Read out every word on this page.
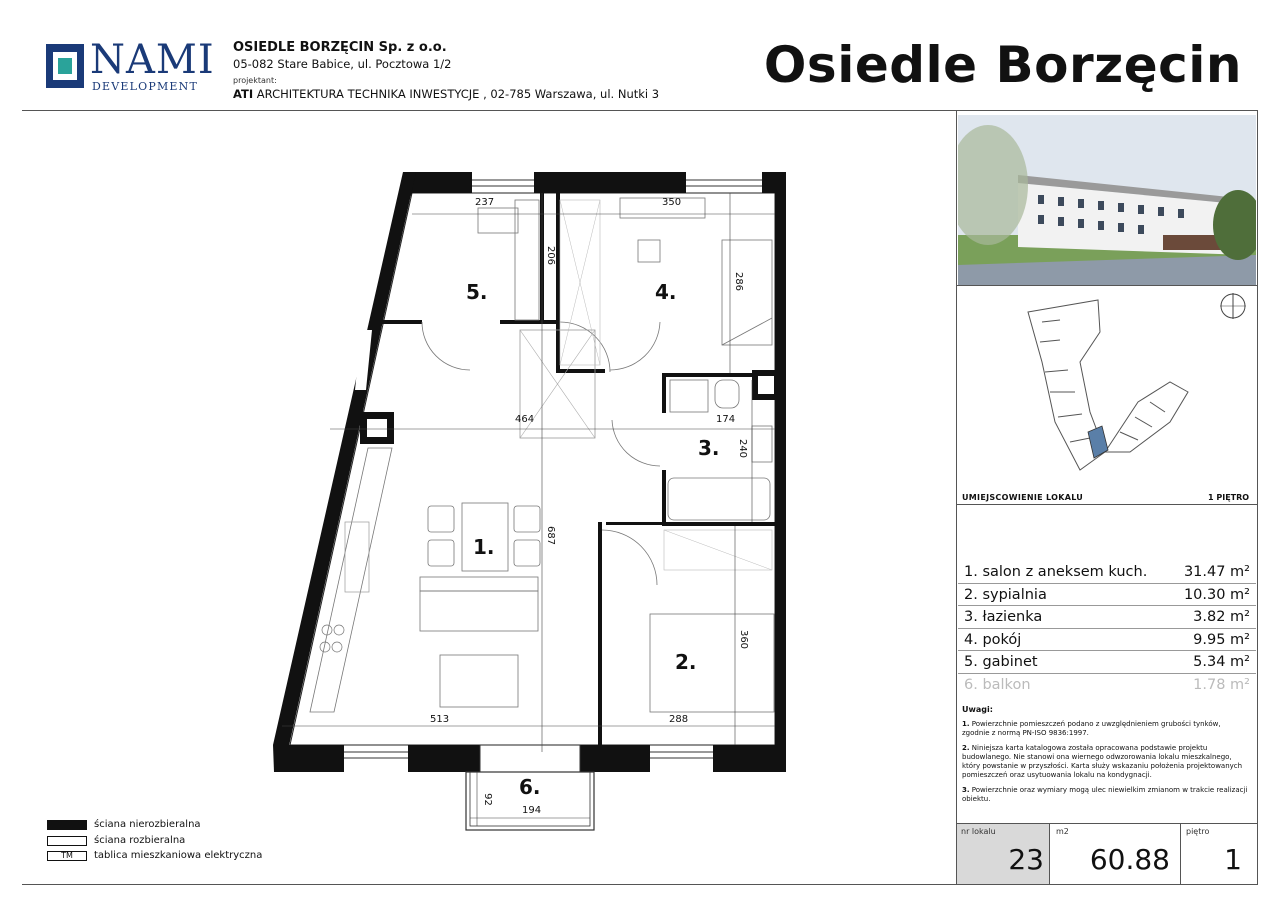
NAMI
DEVELOPMENT
OSIEDLE BORZĘCIN Sp. z o.o.
05-082 Stare Babice, ul. Pocztowa 1/2
projektant:
ATI ARCHITEKTURA TECHNIKA INWESTYCJE , 02-785 Warszawa, ul. Nutki 3 Osiedle Borzęcin
5.	4.
3.
1.
2.
6.
237	350
206
286
464	174
240
687
360
513	288
92
194
ściana nierozbieralna
ściana rozbieralna
TM	tablica mieszkaniowa elektryczna
UMIEJSCOWIENIE LOKALU	1 PIĘTRO
1. salon z aneksem kuch.	31.47 m²
2. sypialnia	10.30 m²
3. łazienka	3.82 m²
4. pokój	9.95 m²
5. gabinet	5.34 m²
6. balkon	1.78 m²
Uwagi:

1. Powierzchnie pomieszczeń podano z uwzględnieniem grubości tynków, zgodnie z normą PN-ISO 9836:1997.

2. Niniejsza karta katalogowa została opracowana podstawie projektu budowlanego. Nie stanowi ona wiernego odwzorowania lokalu mieszkalnego, który powstanie w przyszłości. Karta służy wskazaniu położenia projektowanych pomieszczeń oraz usytuowania lokalu na kondygnacji.

3. Powierzchnie oraz wymiary mogą ulec niewielkim zmianom w trakcie realizacji obiektu.

nr lokalu
23
m2
60.88
piętro
1
